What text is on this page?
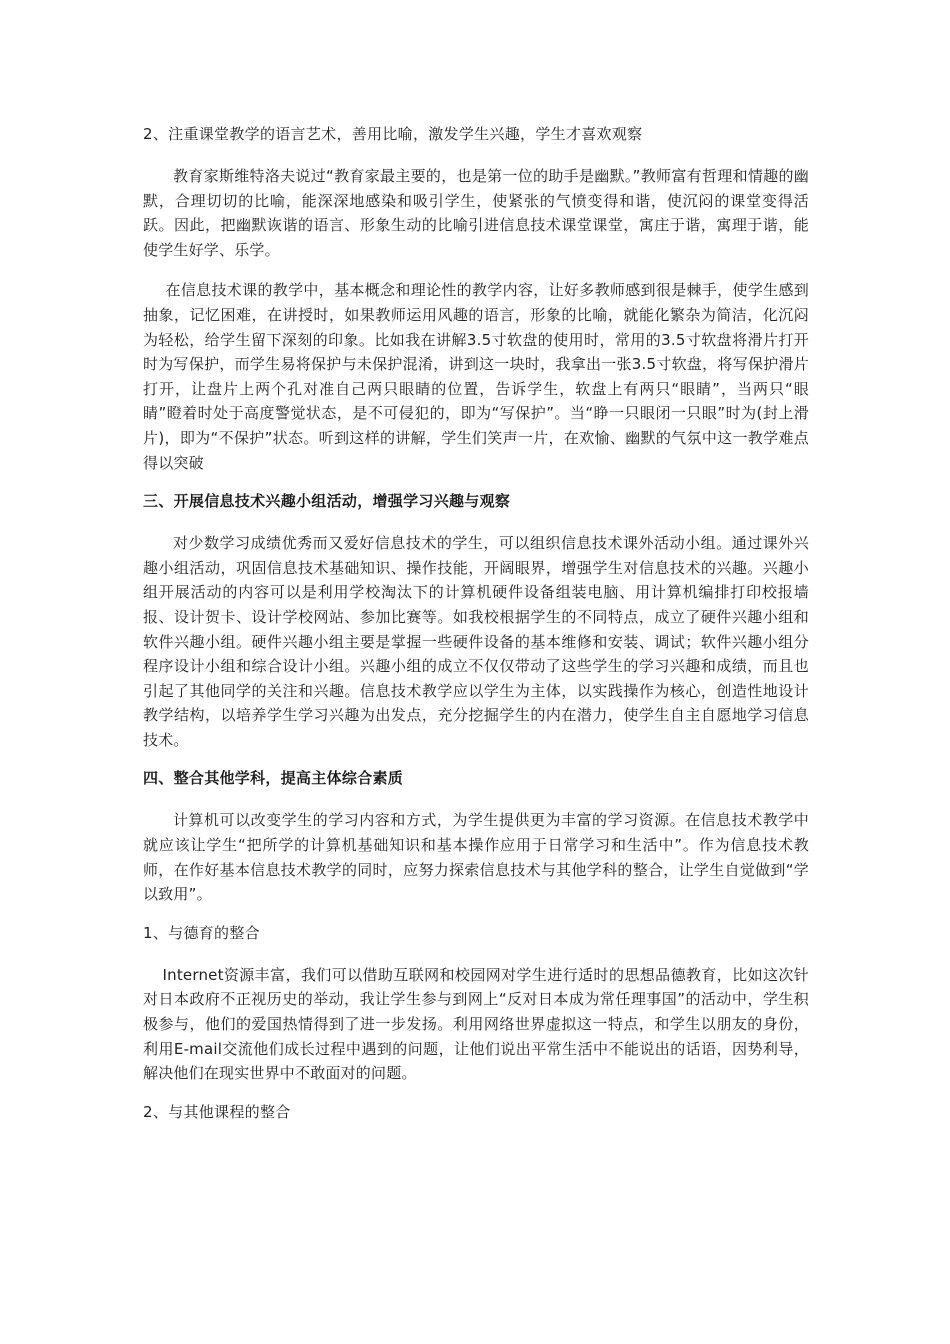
2、注重课堂教学的语言艺术，善用比喻，激发学生兴趣，学生才喜欢观察

教育家斯维特洛夫说过“教育家最主要的，也是第一位的助手是幽默。”教师富有哲理和情趣的幽默，合理切切的比喻，能深深地感染和吸引学生，使紧张的气愤变得和谐，使沉闷的课堂变得活跃。因此，把幽默诙谐的语言、形象生动的比喻引进信息技术课堂课堂，寓庄于谐，寓理于谐，能使学生好学、乐学。

在信息技术课的教学中，基本概念和理论性的教学内容，让好多教师感到很是棘手，使学生感到抽象，记忆困难，在讲授时，如果教师运用风趣的语言，形象的比喻，就能化繁杂为简洁，化沉闷为轻松，给学生留下深刻的印象。比如我在讲解3.5寸软盘的使用时，常用的3.5寸软盘将滑片打开时为写保护，而学生易将保护与未保护混淆，讲到这一块时，我拿出一张3.5寸软盘，将写保护滑片打开，让盘片上两个孔对准自己两只眼睛的位置，告诉学生，软盘上有两只“眼睛”，当两只“眼睛”瞪着时处于高度警觉状态，是不可侵犯的，即为“写保护”。当“睁一只眼闭一只眼”时为(封上滑片)，即为“不保护”状态。听到这样的讲解，学生们笑声一片，在欢愉、幽默的气氛中这一教学难点得以突破

三、开展信息技术兴趣小组活动，增强学习兴趣与观察

对少数学习成绩优秀而又爱好信息技术的学生，可以组织信息技术课外活动小组。通过课外兴趣小组活动，巩固信息技术基础知识、操作技能，开阔眼界，增强学生对信息技术的兴趣。兴趣小组开展活动的内容可以是利用学校淘汰下的计算机硬件设备组装电脑、用计算机编排打印校报墙报、设计贺卡、设计学校网站、参加比赛等。如我校根据学生的不同特点，成立了硬件兴趣小组和软件兴趣小组。硬件兴趣小组主要是掌握一些硬件设备的基本维修和安装、调试；软件兴趣小组分程序设计小组和综合设计小组。兴趣小组的成立不仅仅带动了这些学生的学习兴趣和成绩，而且也引起了其他同学的关注和兴趣。信息技术教学应以学生为主体，以实践操作为核心，创造性地设计教学结构，以培养学生学习兴趣为出发点，充分挖掘学生的内在潜力，使学生自主自愿地学习信息技术。

四、整合其他学科，提高主体综合素质

计算机可以改变学生的学习内容和方式，为学生提供更为丰富的学习资源。在信息技术教学中就应该让学生“把所学的计算机基础知识和基本操作应用于日常学习和生活中”。作为信息技术教师，在作好基本信息技术教学的同时，应努力探索信息技术与其他学科的整合，让学生自觉做到“学以致用”。

1、与德育的整合

Internet资源丰富，我们可以借助互联网和校园网对学生进行适时的思想品德教育，比如这次针对日本政府不正视历史的举动，我让学生参与到网上“反对日本成为常任理事国”的活动中，学生积极参与，他们的爱国热情得到了进一步发扬。利用网络世界虚拟这一特点，和学生以朋友的身份，利用E-mail交流他们成长过程中遇到的问题，让他们说出平常生活中不能说出的话语，因势利导，解决他们在现实世界中不敢面对的问题。

2、与其他课程的整合
